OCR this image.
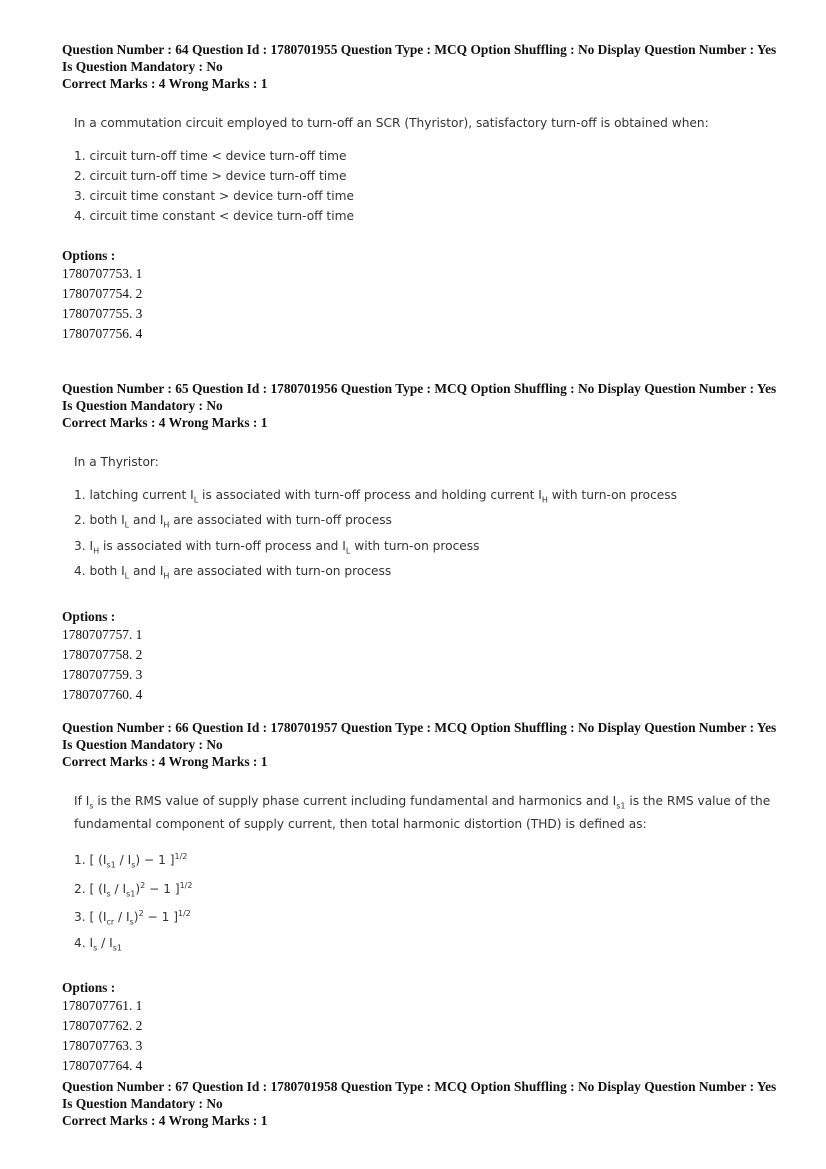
Question Number : 64 Question Id : 1780701955 Question Type : MCQ Option Shuffling : No Display Question Number : Yes
Is Question Mandatory : No
Correct Marks : 4 Wrong Marks : 1
In a commutation circuit employed to turn-off an SCR (Thyristor), satisfactory turn-off is obtained when:
1. circuit turn-off time < device turn-off time
2. circuit turn-off time > device turn-off time
3. circuit time constant > device turn-off time
4. circuit time constant < device turn-off time
Options :
1780707753. 1
1780707754. 2
1780707755. 3
1780707756. 4
Question Number : 65 Question Id : 1780701956 Question Type : MCQ Option Shuffling : No Display Question Number : Yes
Is Question Mandatory : No
Correct Marks : 4 Wrong Marks : 1
In a Thyristor:
1. latching current $I_L$ is associated with turn-off process and holding current $I_H$ with turn-on process
2. both $I_L$ and $I_H$ are associated with turn-off process
3. $I_H$ is associated with turn-off process and $I_L$ with turn-on process
4. both $I_L$ and $I_H$ are associated with turn-on process
Options :
1780707757. 1
1780707758. 2
1780707759. 3
1780707760. 4
Question Number : 66 Question Id : 1780701957 Question Type : MCQ Option Shuffling : No Display Question Number : Yes
Is Question Mandatory : No
Correct Marks : 4 Wrong Marks : 1
If $I_s$ is the RMS value of supply phase current including fundamental and harmonics and $I_{s1}$ is the RMS value of the
fundamental component of supply current, then total harmonic distortion (THD) is defined as:
1. [ $(I_{s1} / I_s) - 1$ ]$^{1/2}$
2. [ $(I_s / I_{s1})^2 - 1$ ]$^{1/2}$
3. [ $(I_{cr} / I_s)^2 - 1$ ]$^{1/2}$
4. $I_s / I_{s1}$
Options :
1780707761. 1
1780707762. 2
1780707763. 3
1780707764. 4
Question Number : 67 Question Id : 1780701958 Question Type : MCQ Option Shuffling : No Display Question Number : Yes
Is Question Mandatory : No
Correct Marks : 4 Wrong Marks : 1
